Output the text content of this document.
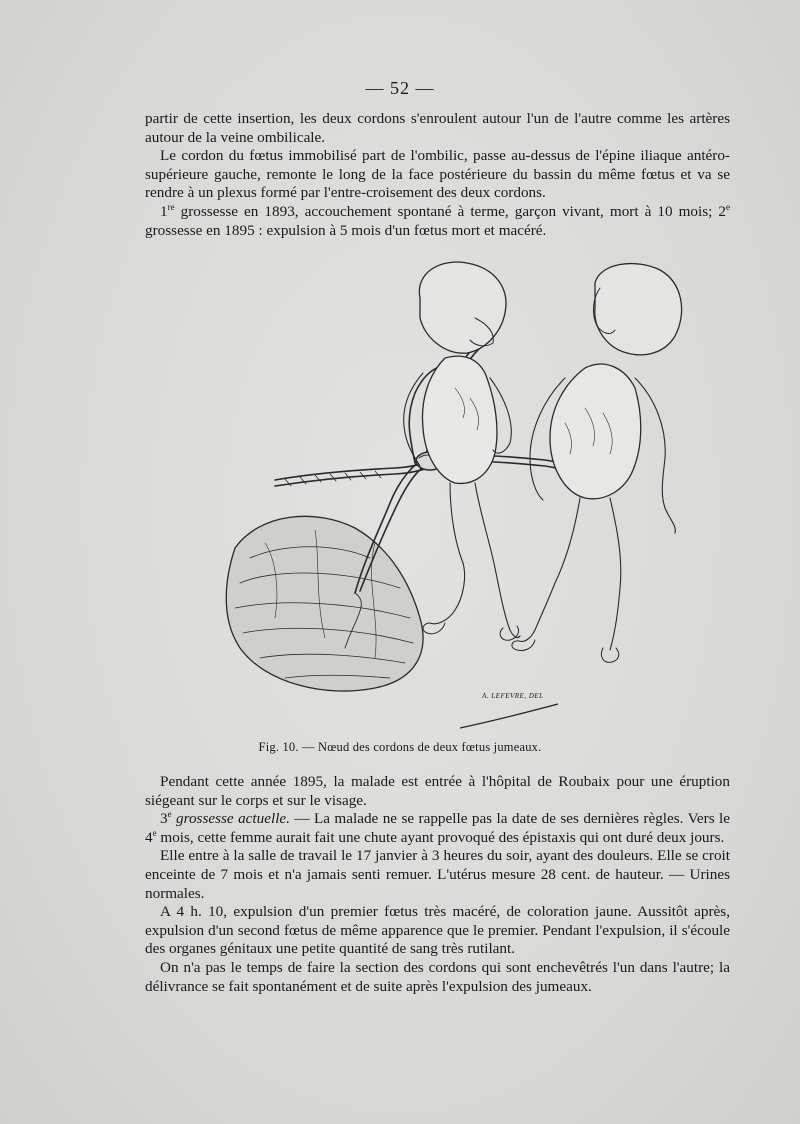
— 52 —

partir de cette insertion, les deux cordons s'enroulent autour l'un de l'autre comme les artères autour de la veine ombilicale.

Le cordon du fœtus immobilisé part de l'ombilic, passe au-dessus de l'épine iliaque antéro-supérieure gauche, remonte le long de la face postérieure du bassin du même fœtus et va se rendre à un plexus formé par l'entre-croisement des deux cordons.

1re grossesse en 1893, accouchement spontané à terme, garçon vivant, mort à 10 mois; 2e grossesse en 1895 : expulsion à 5 mois d'un fœtus mort et macéré.

A. LEFEVRE, DEL
Fig. 10. — Nœud des cordons de deux fœtus jumeaux.

Pendant cette année 1895, la malade est entrée à l'hôpital de Roubaix pour une éruption siégeant sur le corps et sur le visage.

3e grossesse actuelle. — La malade ne se rappelle pas la date de ses dernières règles. Vers le 4e mois, cette femme aurait fait une chute ayant provoqué des épistaxis qui ont duré deux jours.

Elle entre à la salle de travail le 17 janvier à 3 heures du soir, ayant des douleurs. Elle se croit enceinte de 7 mois et n'a jamais senti remuer. L'utérus mesure 28 cent. de hauteur. — Urines normales.

A 4 h. 10, expulsion d'un premier fœtus très macéré, de coloration jaune. Aussitôt après, expulsion d'un second fœtus de même apparence que le premier. Pendant l'expulsion, il s'écoule des organes génitaux une petite quantité de sang très rutilant.

On n'a pas le temps de faire la section des cordons qui sont enchevêtrés l'un dans l'autre; la délivrance se fait spontanément et de suite après l'expulsion des jumeaux.
